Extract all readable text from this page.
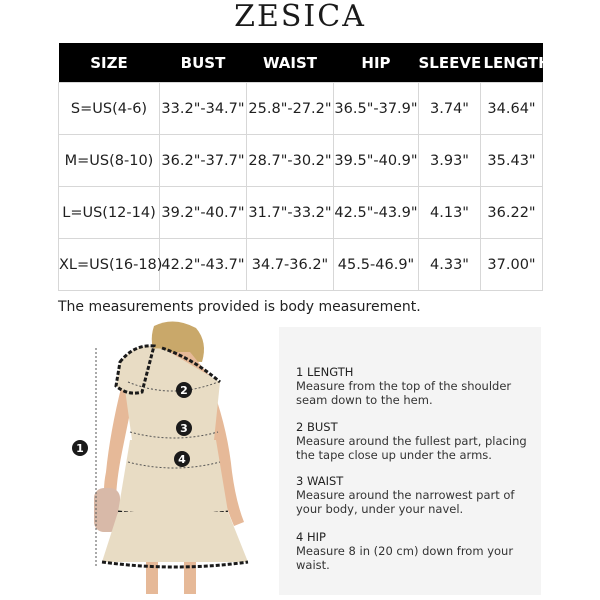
ZESICA
SIZE	BUST	WAIST	HIP	SLEEVE	LENGTH
S=US(4-6)	33.2"-34.7"	25.8"-27.2"	36.5"-37.9"	3.74"	34.64"
M=US(8-10)	36.2"-37.7"	28.7"-30.2"	39.5"-40.9"	3.93"	35.43"
L=US(12-14)	39.2"-40.7"	31.7"-33.2"	42.5"-43.9"	4.13"	36.22"
XL=US(16-18)	42.2"-43.7"	34.7-36.2"	45.5-46.9"	4.33"	37.00"
The measurements provided is body measurement.
1
2
3
4
1 LENGTH
Measure from the top of the shoulder
seam down to the hem.
2 BUST
Measure around the fullest part, placing
the tape close up under the arms.
3 WAIST
Measure around the narrowest part of
your body, under your navel.
4 HIP
Measure 8 in (20 cm) down from your waist.
